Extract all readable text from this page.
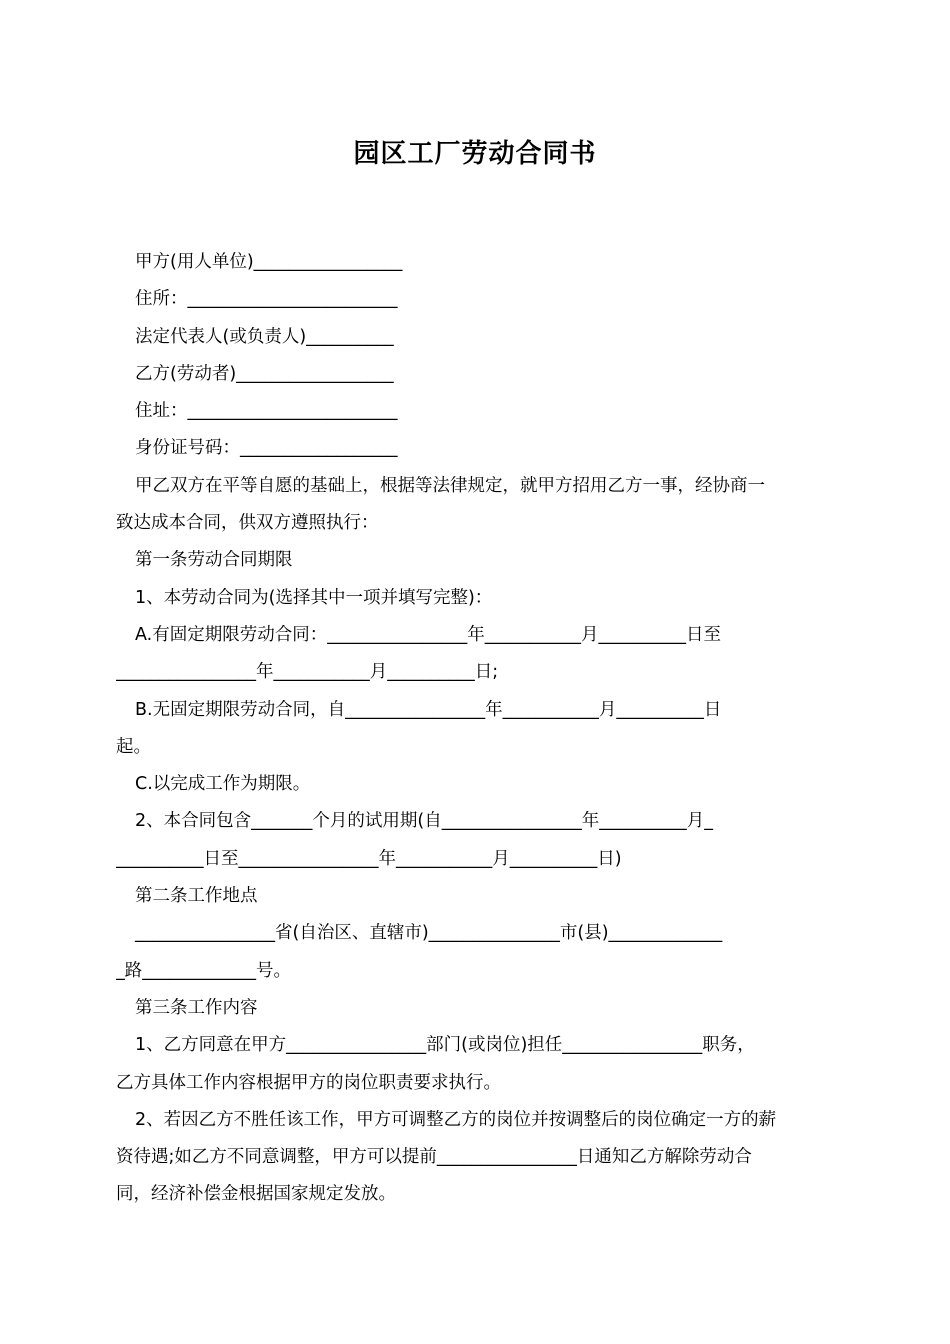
园区工厂劳动合同书
甲方(用人单位)_________________
住所：________________________
法定代表人(或负责人)__________
乙方(劳动者)__________________
住址：________________________
身份证号码：__________________
甲乙双方在平等自愿的基础上，根据等法律规定，就甲方招用乙方一事，经协商一
致达成本合同，供双方遵照执行：
第一条劳动合同期限
1、本劳动合同为(选择其中一项并填写完整)：
A.有固定期限劳动合同：________________年___________月__________日至
________________年___________月__________日;
B.无固定期限劳动合同，自________________年___________月__________日
起。
C.以完成工作为期限。
2、本合同包含_______个月的试用期(自________________年__________月_
__________日至________________年___________月__________日)
第二条工作地点
________________省(自治区、直辖市)_______________市(县)_____________
_路_____________号。
第三条工作内容
1、乙方同意在甲方________________部门(或岗位)担任________________职务，
乙方具体工作内容根据甲方的岗位职责要求执行。
2、若因乙方不胜任该工作，甲方可调整乙方的岗位并按调整后的岗位确定一方的薪
资待遇;如乙方不同意调整，甲方可以提前________________日通知乙方解除劳动合
同，经济补偿金根据国家规定发放。
